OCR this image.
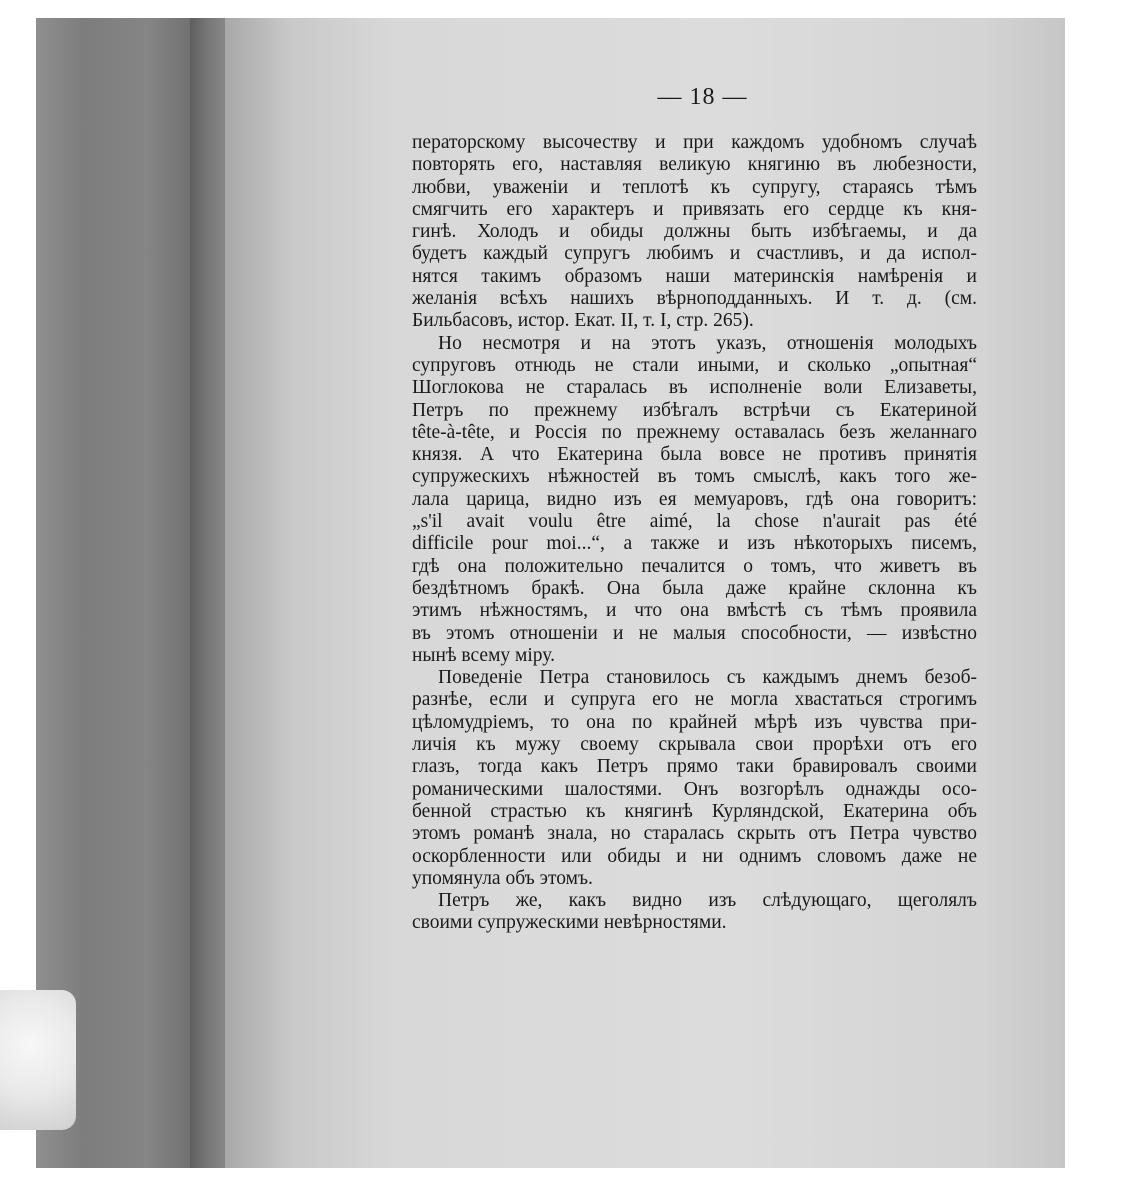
— 18 —
ператорскому высочеству и при каждомъ удобномъ случаѣ
повторять его, наставляя великую княгиню въ любезности,
любви, уваженіи и теплотѣ къ супругу, стараясь тѣмъ
смягчить его характеръ и привязать его сердце къ кня-
гинѣ. Холодъ и обиды должны быть избѣгаемы, и да
будетъ каждый супругъ любимъ и счастливъ, и да испол-
нятся такимъ образомъ наши материнскія намѣренія и
желанія всѣхъ нашихъ вѣрноподданныхъ. И т. д. (см.
Бильбасовъ, истор. Екат. II, т. I, стр. 265).
Но несмотря и на этотъ указъ, отношенія молодыхъ
супруговъ отнюдь не стали иными, и сколько „опытная“
Шоглокова не старалась въ исполненіе воли Елизаветы,
Петръ по прежнему избѣгалъ встрѣчи съ Екатериной
tête-à-tête, и Россія по прежнему оставалась безъ желаннаго
князя. А что Екатерина была вовсе не противъ принятія
супружескихъ нѣжностей въ томъ смыслѣ, какъ того же-
лала царица, видно изъ ея мемуаровъ, гдѣ она говоритъ:
„s'il avait voulu être aimé, la chose n'aurait pas été
difficile pour moi...“, а также и изъ нѣкоторыхъ писемъ,
гдѣ она положительно печалится о томъ, что живетъ въ
бездѣтномъ бракѣ. Она была даже крайне склонна къ
этимъ нѣжностямъ, и что она вмѣстѣ съ тѣмъ проявила
въ этомъ отношеніи и не малыя способности, — извѣстно
нынѣ всему міру.
Поведеніе Петра становилось съ каждымъ днемъ безоб-
разнѣе, если и супруга его не могла хвастаться строгимъ
цѣломудріемъ, то она по крайней мѣрѣ изъ чувства при-
личія къ мужу своему скрывала свои прорѣхи отъ его
глазъ, тогда какъ Петръ прямо таки бравировалъ своими
романическими шалостями. Онъ возгорѣлъ однажды осо-
бенной страстью къ княгинѣ Курляндской, Екатерина объ
этомъ романѣ знала, но старалась скрыть отъ Петра чувство
оскорбленности или обиды и ни однимъ словомъ даже не
упомянула объ этомъ.
Петръ же, какъ видно изъ слѣдующаго, щеголялъ
своими супружескими невѣрностями.
